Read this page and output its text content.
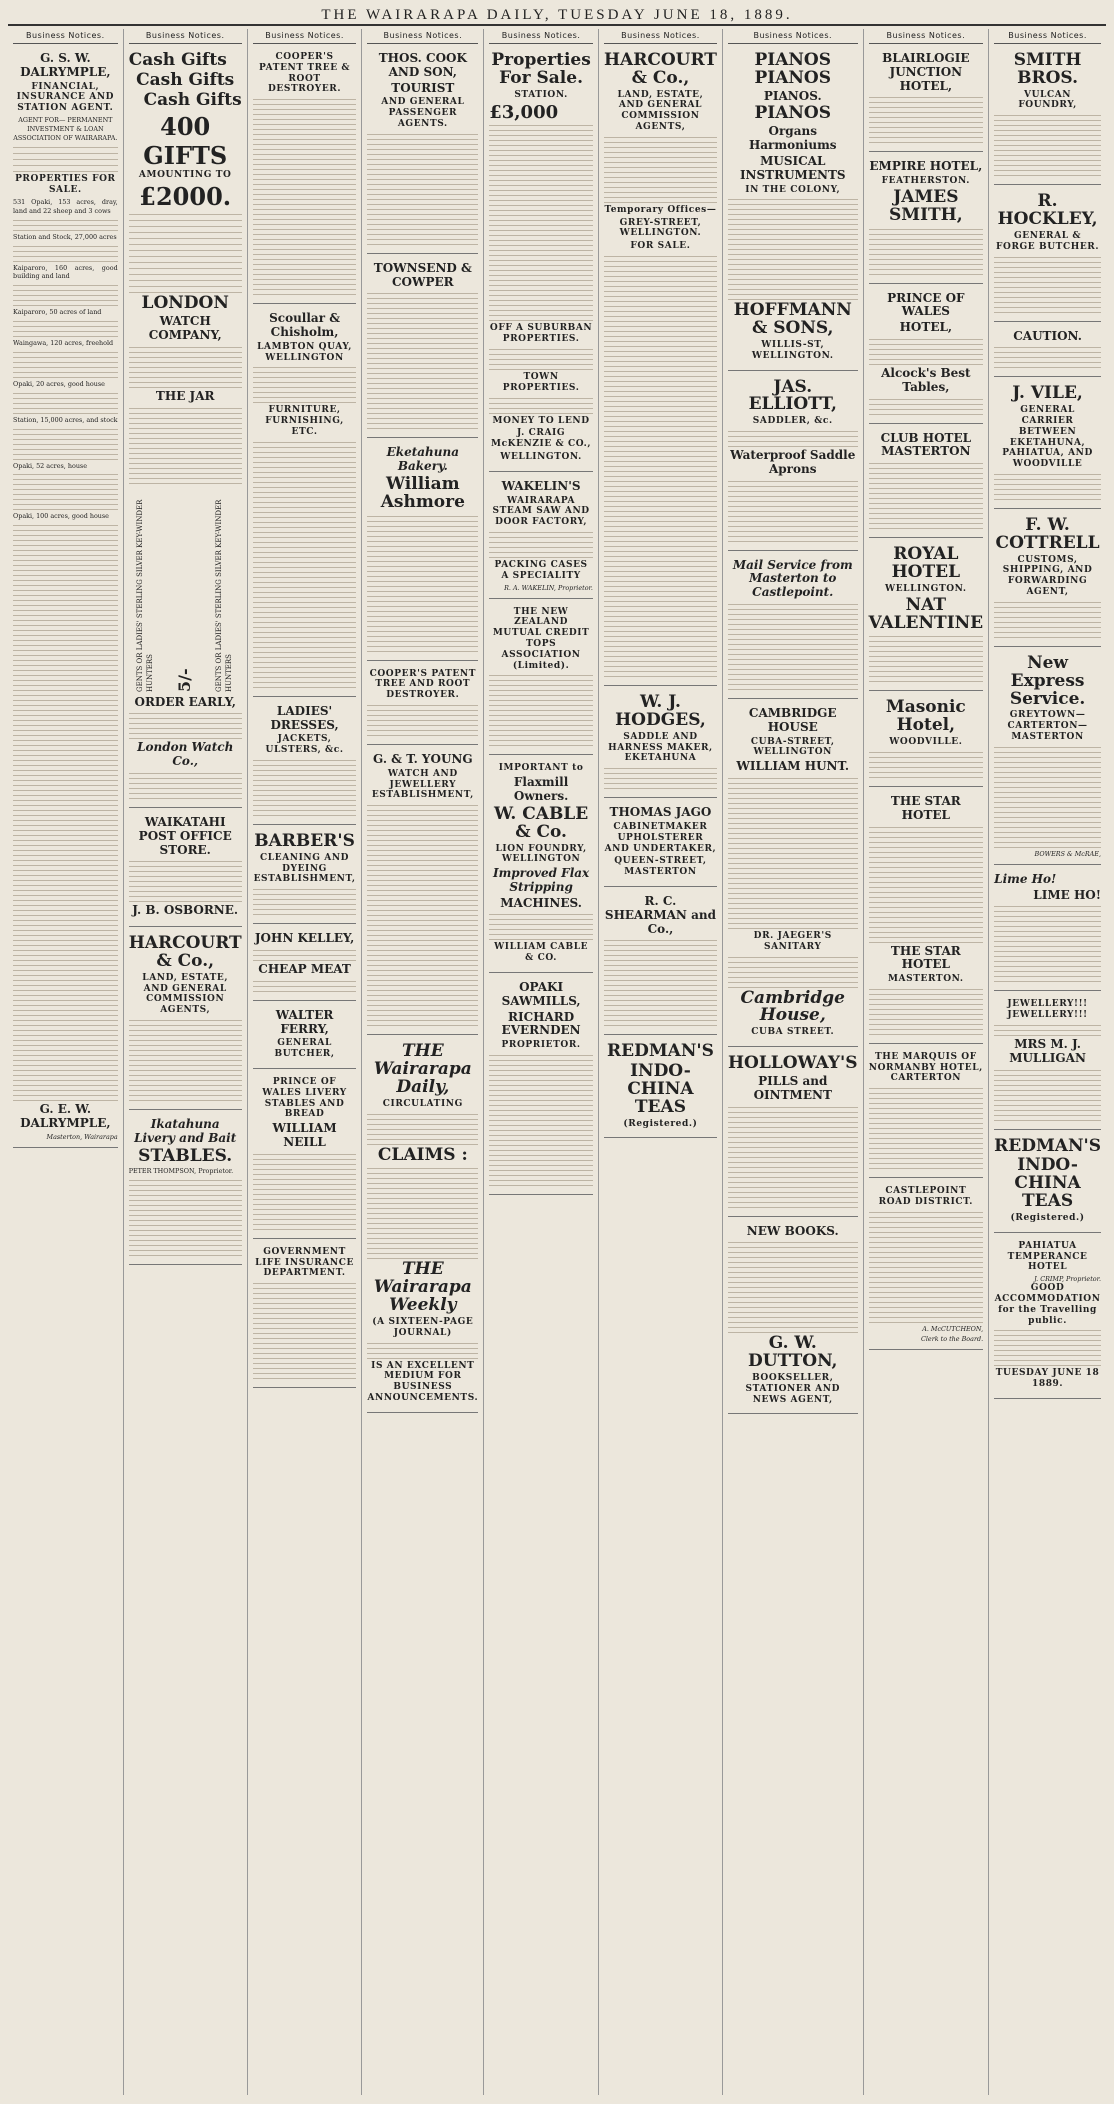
THE WAIRARAPA DAILY, TUESDAY JUNE 18, 1889.
Business Notices.
G. S. W. DALRYMPLE,
FINANCIAL, INSURANCE AND STATION AGENT.

AGENT FOR— PERMANENT INVESTMENT & LOAN ASSOCIATION OF WAIRARAPA.

PROPERTIES FOR SALE.

531 Opaki, 153 acres, dray, land and 22 sheep and 3 cows

Station and Stock, 27,000 acres

Kaiparoro, 160 acres, good building and land

Kaiparoro, 50 acres of land

Waingawa, 120 acres, freehold

Opaki, 20 acres, good house

Station, 15,000 acres, and stock

Opaki, 52 acres, house

Opaki, 100 acres, good house

G. E. W. DALRYMPLE,
Masterton, Wairarapa
Business Notices.
Cash Gifts
Cash Gifts
Cash Gifts
400 GIFTS
AMOUNTING TO
£2000.
LONDON
WATCH COMPANY,
THE JAR
GENTS OR LADIES' STERLING SILVER KEY-WINDER HUNTERS 5/-	GENTS OR LADIES' STERLING SILVER KEY-WINDER HUNTERS
ORDER EARLY,
London Watch Co.,
WAIKATAHI POST OFFICE STORE.
J. B. OSBORNE.
HARCOURT & Co.,
LAND, ESTATE, AND GENERAL COMMISSION AGENTS,
Ikatahuna Livery and Bait
STABLES.

PETER THOMPSON, Proprietor.

Business Notices.
COOPER'S PATENT TREE & ROOT DESTROYER.
Scoullar & Chisholm,
LAMBTON QUAY, WELLINGTON
FURNITURE, FURNISHING, ETC.
LADIES' DRESSES,
JACKETS, ULSTERS, &c.
BARBER'S
CLEANING AND DYEING ESTABLISHMENT,
JOHN KELLEY,
CHEAP MEAT
WALTER FERRY,
GENERAL BUTCHER,
PRINCE OF WALES LIVERY STABLES AND BREAD
WILLIAM NEILL
GOVERNMENT LIFE INSURANCE DEPARTMENT.
Business Notices.
THOS. COOK AND SON,
TOURIST
AND GENERAL PASSENGER AGENTS.
TOWNSEND & COWPER
Eketahuna Bakery.
William Ashmore
COOPER'S PATENT TREE AND ROOT DESTROYER.
G. & T. YOUNG
WATCH AND JEWELLERY ESTABLISHMENT,
THE Wairarapa Daily,
CIRCULATING
CLAIMS :
THE Wairarapa Weekly
(A SIXTEEN-PAGE JOURNAL)
IS AN EXCELLENT MEDIUM FOR BUSINESS ANNOUNCEMENTS.
Business Notices.
Properties For Sale.
STATION.
£3,000
OFF A SUBURBAN PROPERTIES.
TOWN PROPERTIES.
MONEY TO LEND
J. CRAIG McKENZIE & CO.,
WELLINGTON.
WAKELIN'S
WAIRARAPA STEAM SAW AND DOOR FACTORY,
PACKING CASES A SPECIALITY
R. A. WAKELIN, Proprietor.
THE NEW ZEALAND MUTUAL CREDIT TOPS ASSOCIATION (Limited).
IMPORTANT to
Flaxmill Owners.
W. CABLE & Co.
LION FOUNDRY, WELLINGTON
Improved Flax Stripping
MACHINES.
WILLIAM CABLE & CO.
OPAKI SAWMILLS,
RICHARD EVERNDEN
PROPRIETOR.
Business Notices.
HARCOURT & Co.,
LAND, ESTATE, AND GENERAL COMMISSION AGENTS,
Temporary Offices—
GREY-STREET, WELLINGTON.
FOR SALE.
W. J. HODGES,
SADDLE AND HARNESS MAKER, EKETAHUNA
THOMAS JAGO
CABINETMAKER UPHOLSTERER AND UNDERTAKER,
QUEEN-STREET, MASTERTON
R. C. SHEARMAN and Co.,
REDMAN'S
INDO-CHINA TEAS
(Registered.)
Business Notices.
PIANOS PIANOS
PIANOS.
PIANOS
Organs Harmoniums
MUSICAL INSTRUMENTS
IN THE COLONY,
HOFFMANN & SONS,
WILLIS-ST, WELLINGTON.
JAS. ELLIOTT,
SADDLER, &c.
Waterproof Saddle Aprons
Mail Service from Masterton to Castlepoint.
CAMBRIDGE HOUSE
CUBA-STREET, WELLINGTON
WILLIAM HUNT.
DR. JAEGER'S SANITARY
Cambridge House,
CUBA STREET.
HOLLOWAY'S
PILLS and OINTMENT
NEW BOOKS.
G. W. DUTTON,
BOOKSELLER, STATIONER AND NEWS AGENT,
Business Notices.
BLAIRLOGIE JUNCTION HOTEL,
EMPIRE HOTEL,
FEATHERSTON.
JAMES SMITH,
PRINCE OF WALES
HOTEL,
Alcock's Best Tables,
CLUB HOTEL MASTERTON
ROYAL HOTEL
WELLINGTON.
NAT VALENTINE
Masonic Hotel,
WOODVILLE.
THE STAR HOTEL
THE STAR HOTEL
MASTERTON.
THE MARQUIS OF NORMANBY HOTEL, CARTERTON
CASTLEPOINT ROAD DISTRICT.
A. McCUTCHEON,
Clerk to the Board.
Business Notices.
SMITH BROS.
VULCAN FOUNDRY,
R. HOCKLEY,
GENERAL & FORGE BUTCHER.
CAUTION.
J. VILE,
GENERAL CARRIER BETWEEN EKETAHUNA, PAHIATUA, AND WOODVILLE
F. W. COTTRELL
CUSTOMS, SHIPPING, AND FORWARDING AGENT,
New Express Service.
GREYTOWN—CARTERTON—MASTERTON
BOWERS & McRAE,
Lime Ho!
LIME HO!
JEWELLERY!!! JEWELLERY!!!
MRS M. J. MULLIGAN
REDMAN'S
INDO-CHINA TEAS
(Registered.)
PAHIATUA TEMPERANCE HOTEL
J. CRIMP, Proprietor.
GOOD ACCOMMODATION for the Travelling public.
TUESDAY JUNE 18 1889.
